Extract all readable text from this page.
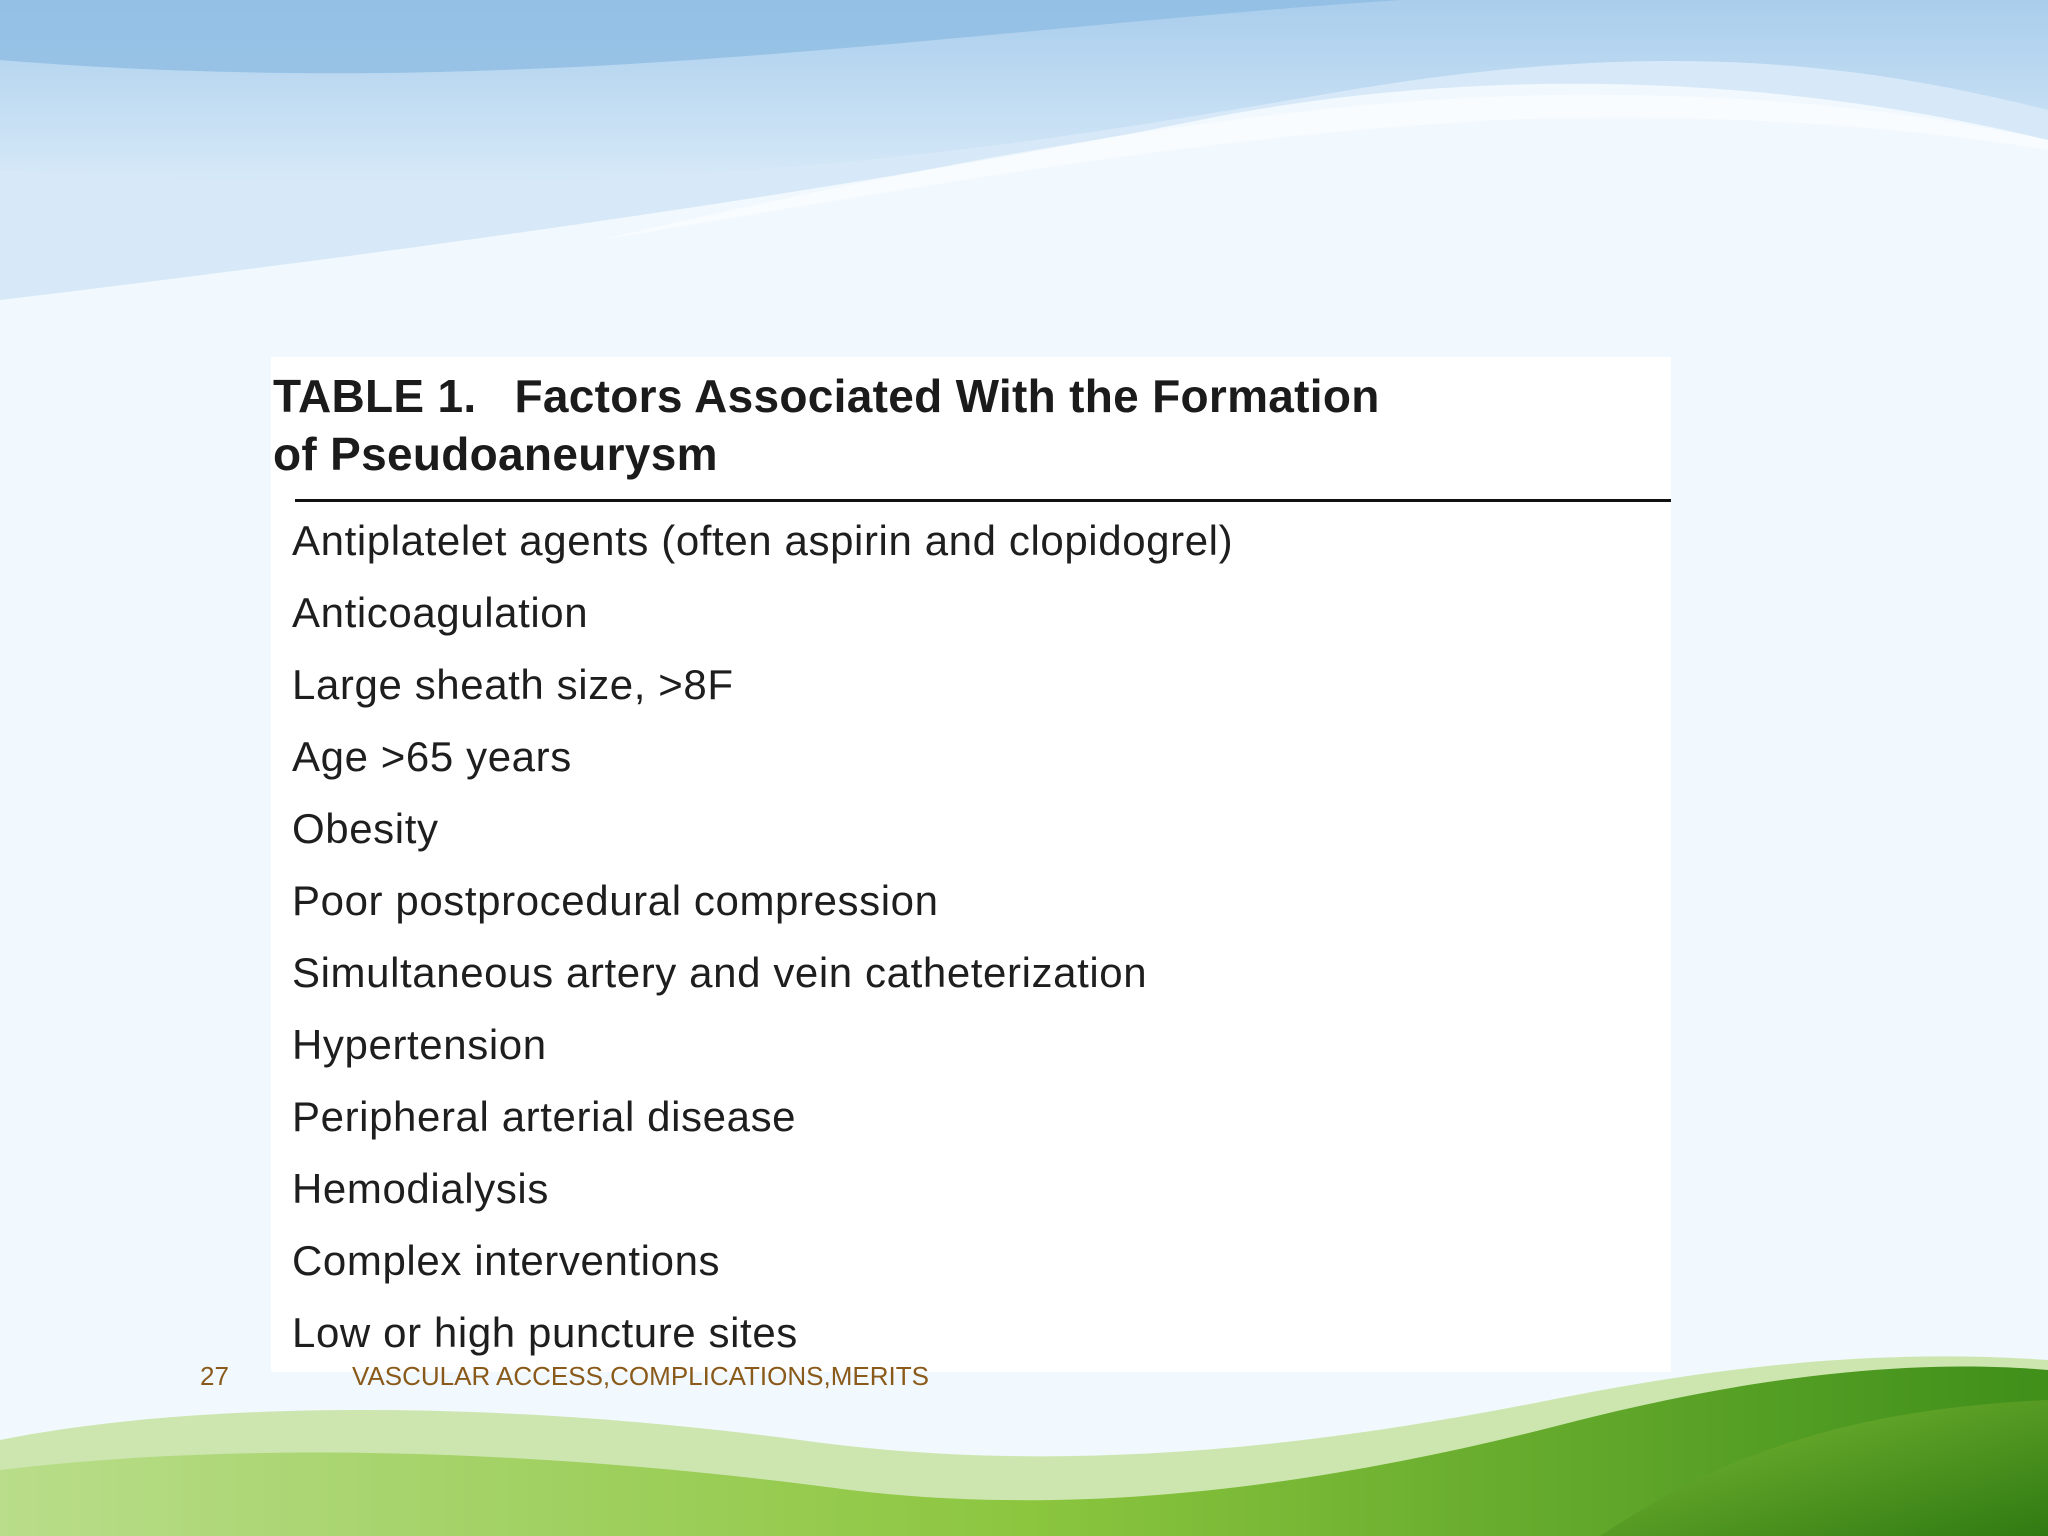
TABLE 1. Factors Associated With the Formation
of Pseudoaneurysm
Antiplatelet agents (often aspirin and clopidogrel)
Anticoagulation
Large sheath size, >8F
Age >65 years
Obesity
Poor postprocedural compression
Simultaneous artery and vein catheterization
Hypertension
Peripheral arterial disease
Hemodialysis
Complex interventions
Low or high puncture sites
27	VASCULAR ACCESS,COMPLICATIONS,MERITS
